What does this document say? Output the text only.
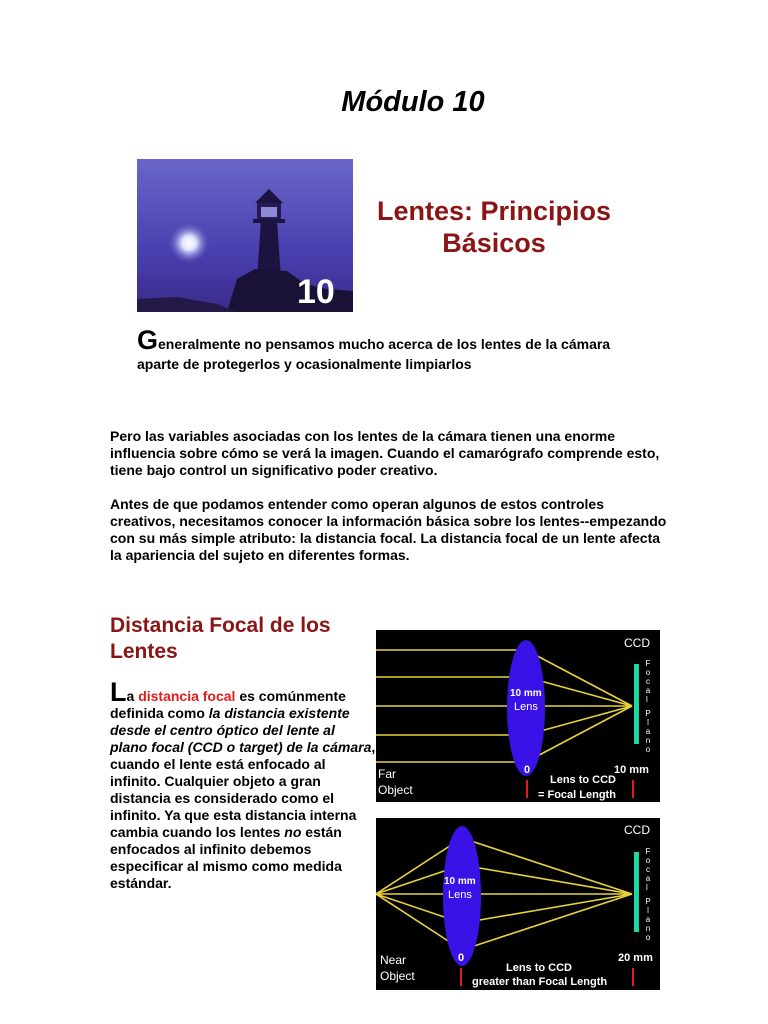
Módulo 10
10
Lentes: Principios Básicos
Generalmente no pensamos mucho acerca de los lentes de la cámara aparte de protegerlos y ocasionalmente limpiarlos
Pero las variables asociadas con los lentes de la cámara tienen una enorme influencia sobre cómo se verá la imagen. Cuando el camarógrafo comprende esto, tiene bajo control un significativo poder creativo.
Antes de que podamos entender como operan algunos de estos controles creativos, necesitamos conocer la información básica sobre los lentes--empezando con su más simple atributo: la distancia focal. La distancia focal de un lente afecta la apariencia del sujeto en diferentes formas.
Distancia Focal de los Lentes
La distancia focal es comúnmente definida como la distancia existente desde el centro óptico del lente al plano focal (CCD o target) de la cámara, cuando el lente está enfocado al infinito. Cualquier objeto a gran distancia es considerado como el infinito. Ya que esta distancia interna cambia cuando los lentes no están enfocados al infinito debemos especificar al mismo como medida estándar.
CCD
10 mm
Lens
0	10 mm
Far
Object
Lens to CCD
= Focal Length
F o c a l P l a n o
CCD
10 mm
Lens
0	20 mm
Near
Object
Lens to CCD
greater than Focal Length
F o c a l P l a n o
